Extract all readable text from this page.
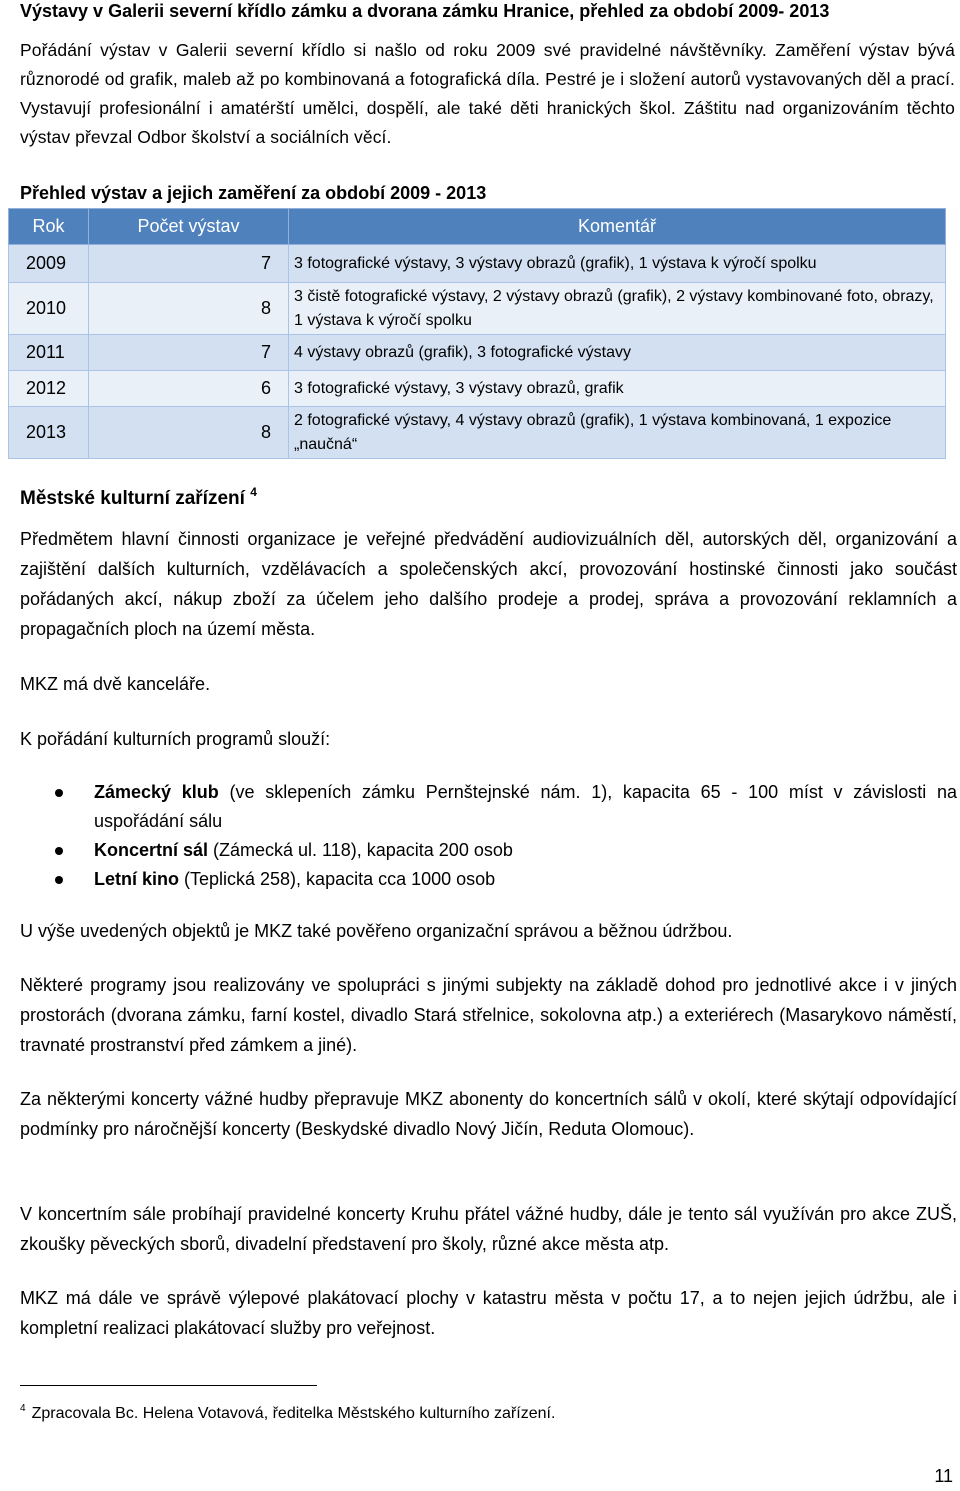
Výstavy v Galerii severní křídlo zámku a dvorana zámku Hranice, přehled za období 2009- 2013

Pořádání výstav v Galerii severní křídlo si našlo od roku 2009 své pravidelné návštěvníky. Zaměření výstav bývá různorodé od grafik, maleb až po kombinovaná a fotografická díla. Pestré je i složení autorů vystavovaných děl a prací. Vystavují profesionální i amatérští umělci, dospělí, ale také děti hranických škol. Záštitu nad organizováním těchto výstav převzal Odbor školství a sociálních věcí.

Přehled výstav a jejich zaměření za období 2009 - 2013
Rok	Počet výstav	Komentář
2009	7	3 fotografické výstavy, 3 výstavy obrazů (grafik), 1 výstava k výročí spolku
2010	8	3 čistě fotografické výstavy, 2 výstavy obrazů (grafik), 2 výstavy kombinované foto, obrazy, 1 výstava k výročí spolku
2011	7	4 výstavy obrazů (grafik), 3 fotografické výstavy
2012	6	3 fotografické výstavy, 3 výstavy obrazů, grafik
2013	8	2 fotografické výstavy, 4 výstavy obrazů (grafik), 1 výstava kombinovaná, 1 expozice „naučná“
Městské kulturní zařízení $^4$

Předmětem hlavní činnosti organizace je veřejné předvádění audiovizuálních děl, autorských děl, organizování a zajištění dalších kulturních, vzdělávacích a společenských akcí, provozování hostinské činnosti jako součást pořádaných akcí, nákup zboží za účelem jeho dalšího prodeje a prodej, správa a provozování reklamních a propagačních ploch na území města.

MKZ má dvě kanceláře.

K pořádání kulturních programů slouží:

Zámecký klub (ve sklepeních zámku Pernštejnské nám. 1), kapacita 65 - 100 míst v závislosti na uspořádání sálu
Koncertní sál (Zámecká ul. 118), kapacita 200 osob
Letní kino (Teplická 258), kapacita cca 1000 osob

U výše uvedených objektů je MKZ také pověřeno organizační správou a běžnou údržbou.

Některé programy jsou realizovány ve spolupráci s jinými subjekty na základě dohod pro jednotlivé akce i v jiných prostorách (dvorana zámku, farní kostel, divadlo Stará střelnice, sokolovna atp.) a exteriérech (Masarykovo náměstí, travnaté prostranství před zámkem a jiné).

Za některými koncerty vážné hudby přepravuje MKZ abonenty do koncertních sálů v okolí, které skýtají odpovídající podmínky pro náročnější koncerty (Beskydské divadlo Nový Jičín, Reduta Olomouc).

V koncertním sále probíhají pravidelné koncerty Kruhu přátel vážné hudby, dále je tento sál využíván pro akce ZUŠ, zkoušky pěveckých sborů, divadelní představení pro školy, různé akce města atp.

MKZ má dále ve správě výlepové plakátovací plochy v katastru města v počtu 17, a to nejen jejich údržbu, ale i kompletní realizaci plakátovací služby pro veřejnost.

$^4$ Zpracovala Bc. Helena Votavová, ředitelka Městského kulturního zařízení.
11
